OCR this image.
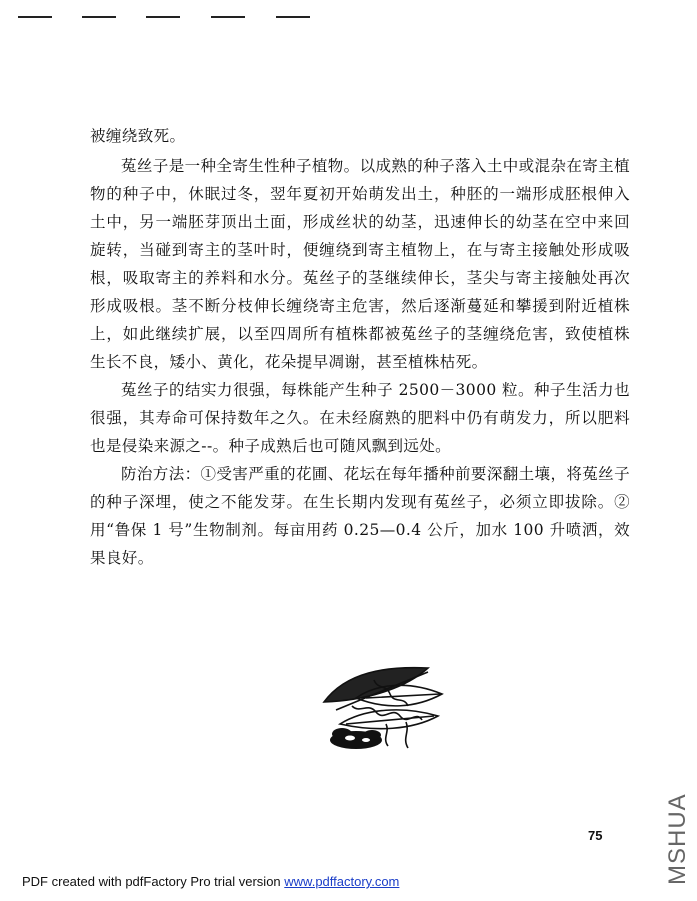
被缠绕致死。

菟丝子是一种全寄生性种子植物。以成熟的种子落入土中或混杂在寄主植物的种子中，休眠过冬，翌年夏初开始萌发出土，种胚的一端形成胚根伸入土中，另一端胚芽顶出土面，形成丝状的幼茎，迅速伸长的幼茎在空中来回旋转，当碰到寄主的茎叶时，便缠绕到寄主植物上，在与寄主接触处形成吸根，吸取寄主的养料和水分。菟丝子的茎继续伸长，茎尖与寄主接触处再次形成吸根。茎不断分枝伸长缠绕寄主危害，然后逐渐蔓延和攀援到附近植株上，如此继续扩展，以至四周所有植株都被菟丝子的茎缠绕危害，致使植株生长不良，矮小、黄化，花朵提早凋谢，甚至植株枯死。

菟丝子的结实力很强，每株能产生种子 2500－3000 粒。种子生活力也很强，其寿命可保持数年之久。在未经腐熟的肥料中仍有萌发力，所以肥料也是侵染来源之--。种子成熟后也可随风飘到远处。

防治方法：①受害严重的花圃、花坛在每年播种前要深翻土壤，将菟丝子的种子深埋，使之不能发芽。在生长期内发现有菟丝子，必须立即拔除。②用“鲁保 1 号”生物制剂。每亩用药 0.25—0.4 公斤，加水 100 升喷洒，效果良好。

75
PDF created with pdfFactory Pro trial version www.pdffactory.com	MSHUA
